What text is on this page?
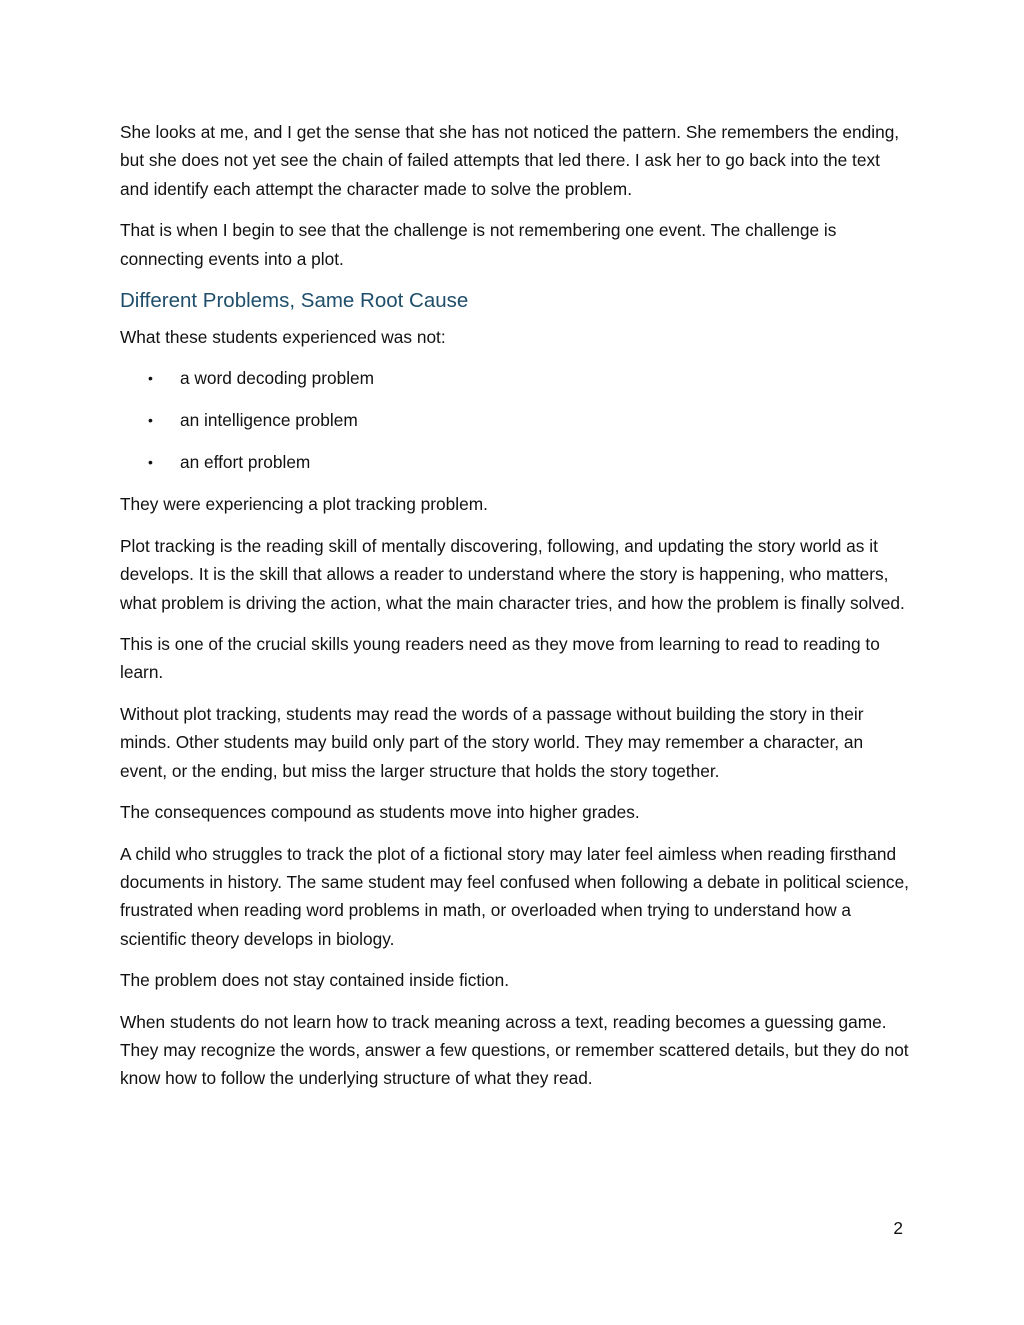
She looks at me, and I get the sense that she has not noticed the pattern. She remembers the ending, but she does not yet see the chain of failed attempts that led there. I ask her to go back into the text and identify each attempt the character made to solve the problem.

That is when I begin to see that the challenge is not remembering one event. The challenge is connecting events into a plot.

Different Problems, Same Root Cause

What these students experienced was not:

• a word decoding problem
• an intelligence problem
• an effort problem

They were experiencing a plot tracking problem.

Plot tracking is the reading skill of mentally discovering, following, and updating the story world as it develops. It is the skill that allows a reader to understand where the story is happening, who matters, what problem is driving the action, what the main character tries, and how the problem is finally solved.

This is one of the crucial skills young readers need as they move from learning to read to reading to learn.

Without plot tracking, students may read the words of a passage without building the story in their minds. Other students may build only part of the story world. They may remember a character, an event, or the ending, but miss the larger structure that holds the story together.

The consequences compound as students move into higher grades.

A child who struggles to track the plot of a fictional story may later feel aimless when reading firsthand documents in history. The same student may feel confused when following a debate in political science, frustrated when reading word problems in math, or overloaded when trying to understand how a scientific theory develops in biology.

The problem does not stay contained inside fiction.

When students do not learn how to track meaning across a text, reading becomes a guessing game. They may recognize the words, answer a few questions, or remember scattered details, but they do not know how to follow the underlying structure of what they read.

2
